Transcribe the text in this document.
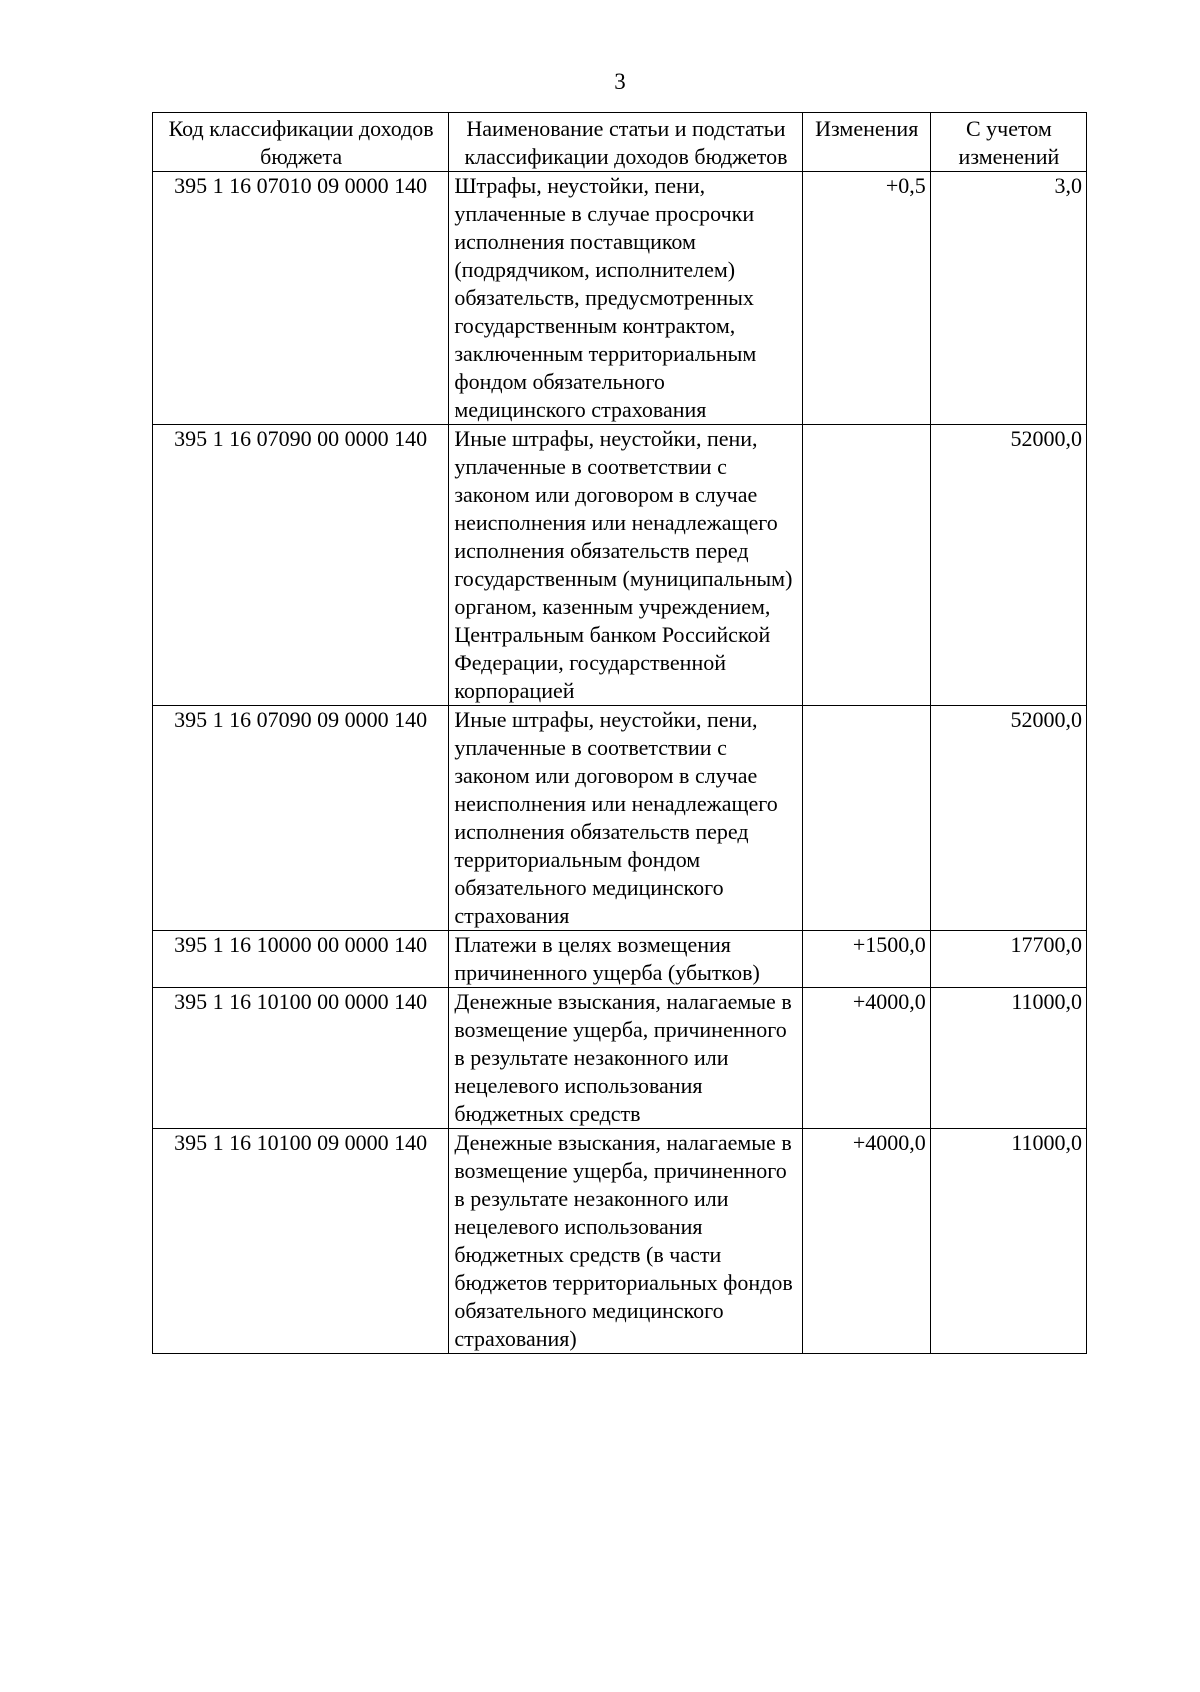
3
Код классификации доходов бюджета	Наименование статьи и подстатьи классификации доходов бюджетов	Изменения	С учетом изменений
395 1 16 07010 09 0000 140	Штрафы, неустойки, пени, уплаченные в случае просрочки исполнения поставщиком (подрядчиком, исполнителем) обязательств, предусмотренных государственным контрактом, заключенным территориальным фондом обязательного медицинского страхования	+0,5	3,0
395 1 16 07090 00 0000 140	Иные штрафы, неустойки, пени, уплаченные в соответствии с законом или договором в случае неисполнения или ненадлежащего исполнения обязательств перед государственным (муниципальным) органом, казенным учреждением, Центральным банком Российской Федерации, государственной корпорацией		52000,0
395 1 16 07090 09 0000 140	Иные штрафы, неустойки, пени, уплаченные в соответствии с законом или договором в случае неисполнения или ненадлежащего исполнения обязательств перед территориальным фондом обязательного медицинского страхования		52000,0
395 1 16 10000 00 0000 140	Платежи в целях возмещения причиненного ущерба (убытков)	+1500,0	17700,0
395 1 16 10100 00 0000 140	Денежные взыскания, налагаемые в возмещение ущерба, причиненного в результате незаконного или нецелевого использования бюджетных средств	+4000,0	11000,0
395 1 16 10100 09 0000 140	Денежные взыскания, налагаемые в возмещение ущерба, причиненного в результате незаконного или нецелевого использования бюджетных средств (в части бюджетов территориальных фондов обязательного медицинского страхования)	+4000,0	11000,0
